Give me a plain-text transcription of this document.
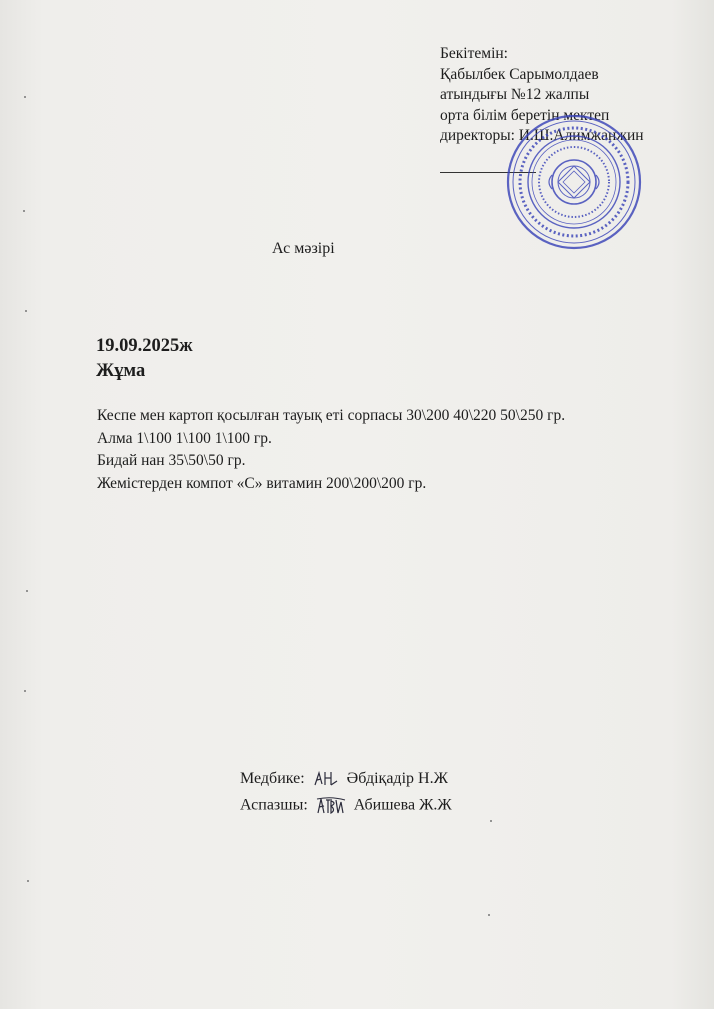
Бекітемін:
Қабылбек Сарымолдаев
атындығы №12 жалпы
орта білім беретін мектеп
директоры: И.Ш.Алимжанжин
Ас мәзірі
19.09.2025ж
Жұма
Кеспе мен картоп қосылған тауық еті сорпасы 30\200 40\220 50\250 гр.
Алма 1\100 1\100 1\100 гр.
Бидай нан 35\50\50 гр.
Жемістерден компот «С» витамин 200\200\200 гр.
Медбике:	Әбдіқадір Н.Ж
Аспазшы:	Абишева Ж.Ж
